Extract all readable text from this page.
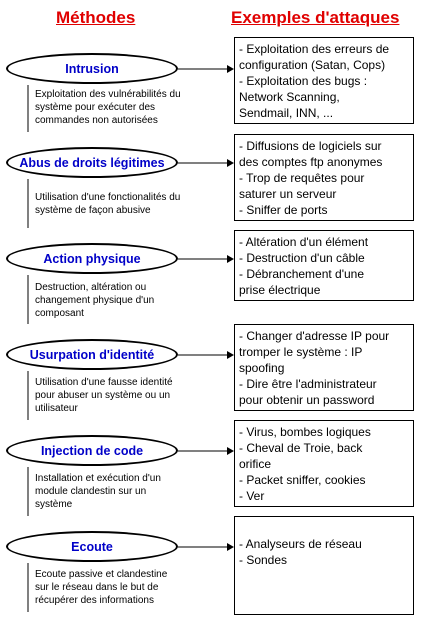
Méthodes	Exemples d'attaques
Intrusion
Exploitation des vulnérabilités du
système pour exécuter des
commandes non autorisées
- Exploitation des erreurs de
configuration (Satan, Cops)
- Exploitation des bugs :
Network Scanning,
Sendmail, INN, ...
Abus de droits légitimes
Utilisation d'une fonctionalités du
système de façon abusive
- Diffusions de logiciels sur
des comptes ftp anonymes
- Trop de requêtes pour
saturer un serveur
- Sniffer de ports
Action physique
Destruction, altération ou
changement physique d'un
composant
- Altération d'un élément
- Destruction d'un câble
- Débranchement d'une
prise électrique
Usurpation d'identité
Utilisation d'une fausse identité
pour abuser un système ou un
utilisateur
- Changer d'adresse IP pour
tromper le système : IP
spoofing
- Dire être l'administrateur
pour obtenir un password
Injection de code
Installation et exécution d'un
module clandestin sur un
système
- Virus, bombes logiques
- Cheval de Troie, back
orifice
- Packet sniffer, cookies
- Ver
Ecoute
Ecoute passive et clandestine
sur le réseau dans le but de
récupérer des informations
- Analyseurs de réseau
- Sondes
